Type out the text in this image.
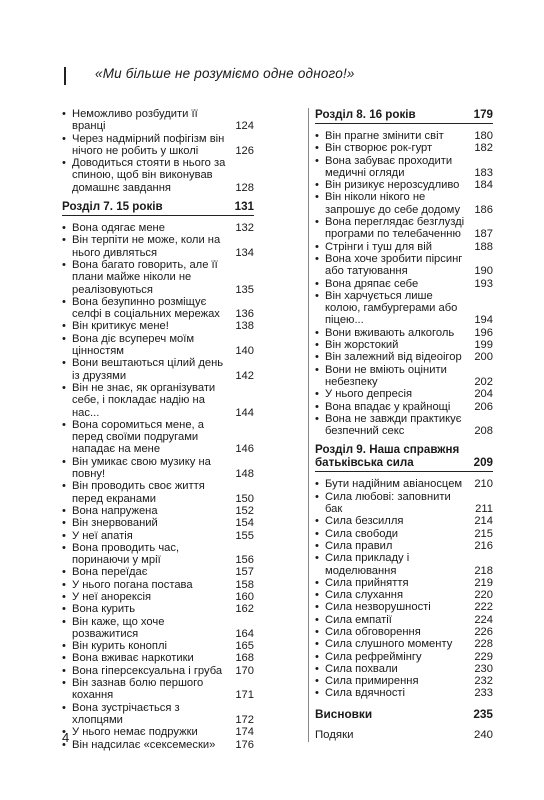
«Ми більше не розуміємо одне одного!»
• Неможливо розбудити її вранці	124
• Через надмірний пофігізм він нічого не робить у школі	126
• Доводиться стояти в нього за спиною, щоб він виконував домашнє завдання	128
Розділ 7. 15 років	131
• Вона одягає мене	132
• Він терпіти не може, коли на нього дивляться	134
• Вона багато говорить, але її плани майже ніколи не реалізовуються	135
• Вона безупинно розміщує селфі в соціальних мережах	136
• Він критикує мене!	138
• Вона діє всупереч моїм цінностям	140
• Вони вештаються цілий день із друзями	142
• Він не знає, як організувати себе, і покладає надію на нас...	144
• Вона соромиться мене, а перед своїми подругами нападає на мене	146
• Він умикає свою музику на повну!	148
• Він проводить своє життя перед екранами	150
• Вона напружена	152
• Він знервований	154
• У неї апатія	155
• Вона проводить час, поринаючи у мрії	156
• Вона переїдає	157
• У нього погана постава	158
• У неї анорексія	160
• Вона курить	162
• Він каже, що хоче розважитися	164
• Він курить коноплі	165
• Вона вживає наркотики	168
• Вона гіперсексуальна і груба	170
• Він зазнав болю першого кохання	171
• Вона зустрічається з хлопцями	172
• У нього немає подружки	174
• Він надсилає «сексемески»	176
Розділ 8. 16 років	179
• Він прагне змінити світ	180
• Він створює рок-гурт	182
• Вона забуває проходити медичні огляди	183
• Він ризикує нерозсудливо	184
• Він ніколи нікого не запрошує до себе додому	186
• Вона переглядає безглузді програми по телебаченню	187
• Стрінги і туш для вій	188
• Вона хоче зробити пірсинг або татуювання	190
• Вона дряпає себе	193
• Він харчується лише колою, гамбургерами або піцею...	194
• Вони вживають алкоголь	196
• Він жорстокий	199
• Він залежний від відеоігор	200
• Вони не вміють оцінити небезпеку	202
• У нього депресія	204
• Вона впадає у крайнощі	206
• Вона не завжди практикує безпечний секс	208
Розділ 9. Наша справжня батьківська сила	209
• Бути надійним авіаносцем	210
• Сила любові: заповнити бак	211
• Сила безсилля	214
• Сила свободи	215
• Сила правил	216
• Сила прикладу і моделювання	218
• Сила прийняття	219
• Сила слухання	220
• Сила незворушності	222
• Сила емпатії	224
• Сила обговорення	226
• Сила слушного моменту	228
• Сила рефреймінгу	229
• Сила похвали	230
• Сила примирення	232
• Сила вдячності	233
Висновки	235
Подяки	240
4
